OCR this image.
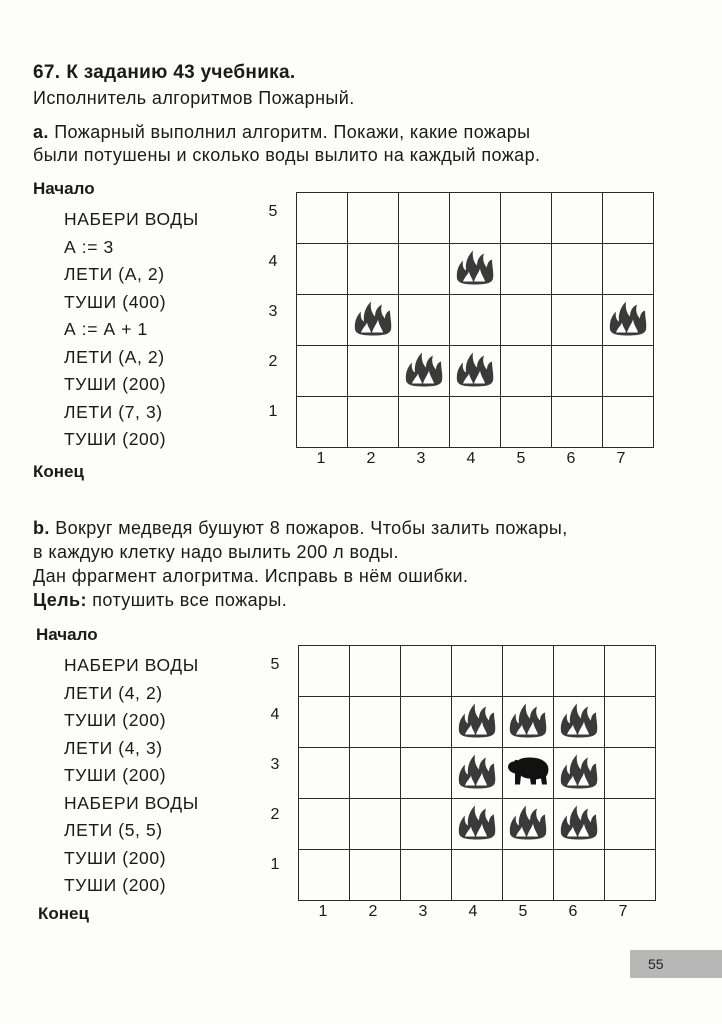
67. К заданию 43 учебника.
Исполнитель алгоритмов Пожарный.
a. Пожарный выполнил алгоритм. Покажи, какие пожары
были потушены и сколько воды вылито на каждый пожар.
Начало
НАБЕРИ ВОДЫ
А := 3
ЛЕТИ (А, 2)
ТУШИ (400)
А := А + 1
ЛЕТИ (А, 2)
ТУШИ (200)
ЛЕТИ (7, 3)
ТУШИ (200)
Конец

5
4
3
2
1
1	2	3	4	5	6	7
b. Вокруг медведя бушуют 8 пожаров. Чтобы залить пожары,
в каждую клетку надо вылить 200 л воды.
Дан фрагмент алогритма. Исправь в нём ошибки.
Цель: потушить все пожары.
Начало
НАБЕРИ ВОДЫ
ЛЕТИ (4, 2)
ТУШИ (200)
ЛЕТИ (4, 3)
ТУШИ (200)
НАБЕРИ ВОДЫ
ЛЕТИ (5, 5)
ТУШИ (200)
ТУШИ (200)
Конец

5
4
3
2
1
1	2	3	4	5	6	7
55
